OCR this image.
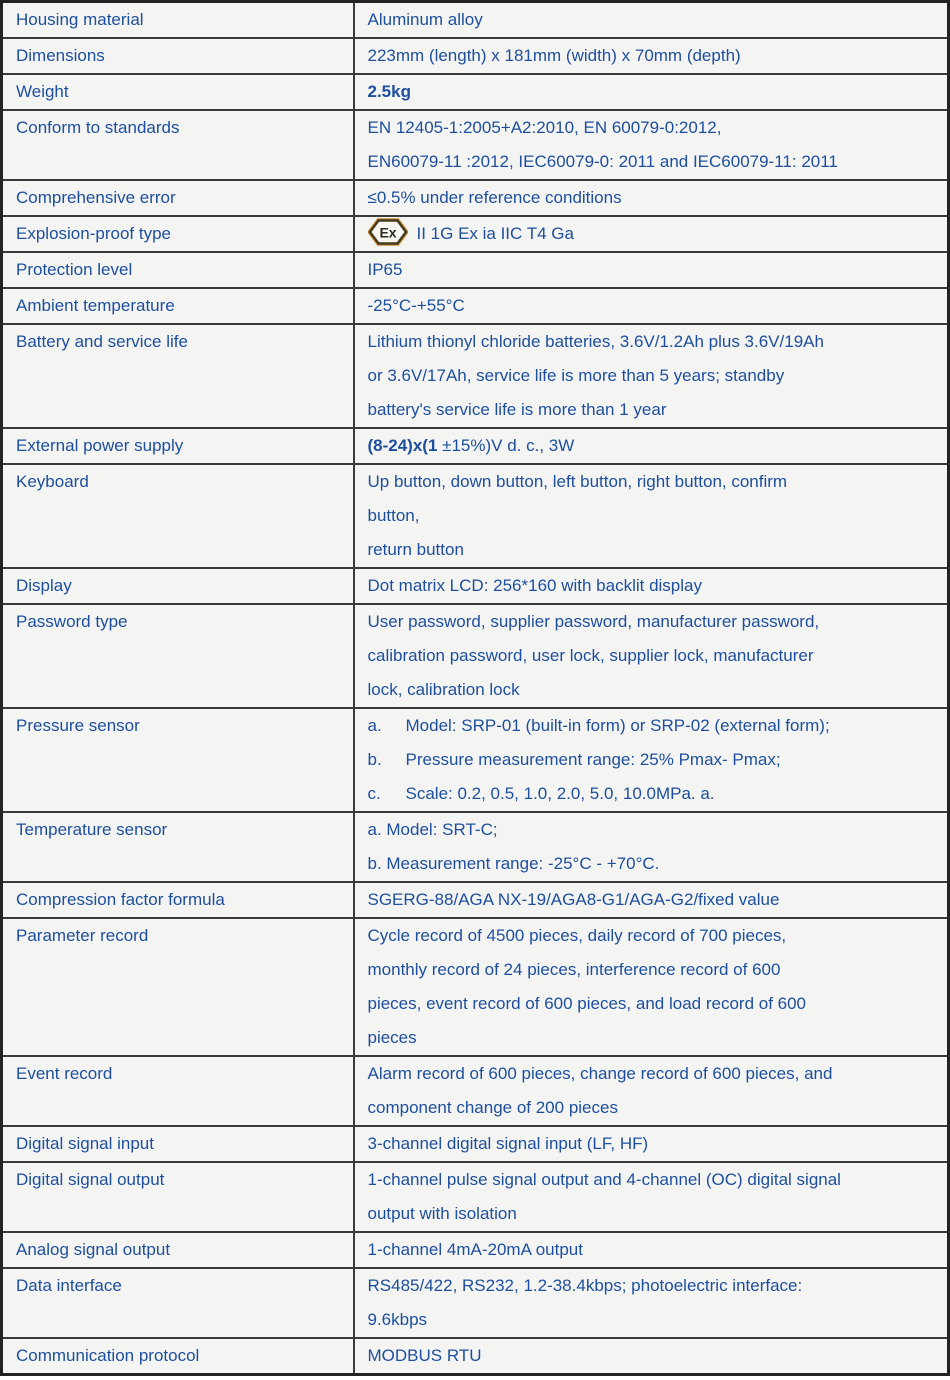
Housing material	Aluminum alloy

Dimensions	223mm (length) x 181mm (width) x 70mm (depth)

Weight	2.5kg

Conform to standards	EN 12405-1:2005+A2:2010, EN 60079-0:2012,
EN60079-11 :2012, IEC60079-0: 2011 and IEC60079-11: 2011

Comprehensive error	≤0.5% under reference conditions

Explosion-proof type	Ex II 1G Ex ia IIC T4 Ga

Protection level	IP65

Ambient temperature	-25°C-+55°C

Battery and service life	Lithium thionyl chloride batteries, 3.6V/1.2Ah plus 3.6V/19Ah
or 3.6V/17Ah, service life is more than 5 years; standby
battery's service life is more than 1 year

External power supply	(8-24)x(1 ±15%)V d. c., 3W

Keyboard	Up button, down button, left button, right button, confirm
button,
return button

Display	Dot matrix LCD: 256*160 with backlit display

Password type	User password, supplier password, manufacturer password,
calibration password, user lock, supplier lock, manufacturer
lock, calibration lock

Pressure sensor	a. Model: SRP-01 (built-in form) or SRP-02 (external form);
b. Pressure measurement range: 25% Pmax- Pmax;
c. Scale: 0.2, 0.5, 1.0, 2.0, 5.0, 10.0MPa. a.

Temperature sensor	a. Model: SRT-C;
b. Measurement range: -25°C - +70°C.

Compression factor formula	SGERG-88/AGA NX-19/AGA8-G1/AGA-G2/fixed value

Parameter record	Cycle record of 4500 pieces, daily record of 700 pieces,
monthly record of 24 pieces, interference record of 600
pieces, event record of 600 pieces, and load record of 600
pieces

Event record	Alarm record of 600 pieces, change record of 600 pieces, and
component change of 200 pieces

Digital signal input	3-channel digital signal input (LF, HF)

Digital signal output	1-channel pulse signal output and 4-channel (OC) digital signal
output with isolation

Analog signal output	1-channel 4mA-20mA output

Data interface	RS485/422, RS232, 1.2-38.4kbps; photoelectric interface:
9.6kbps

Communication protocol	MODBUS RTU
